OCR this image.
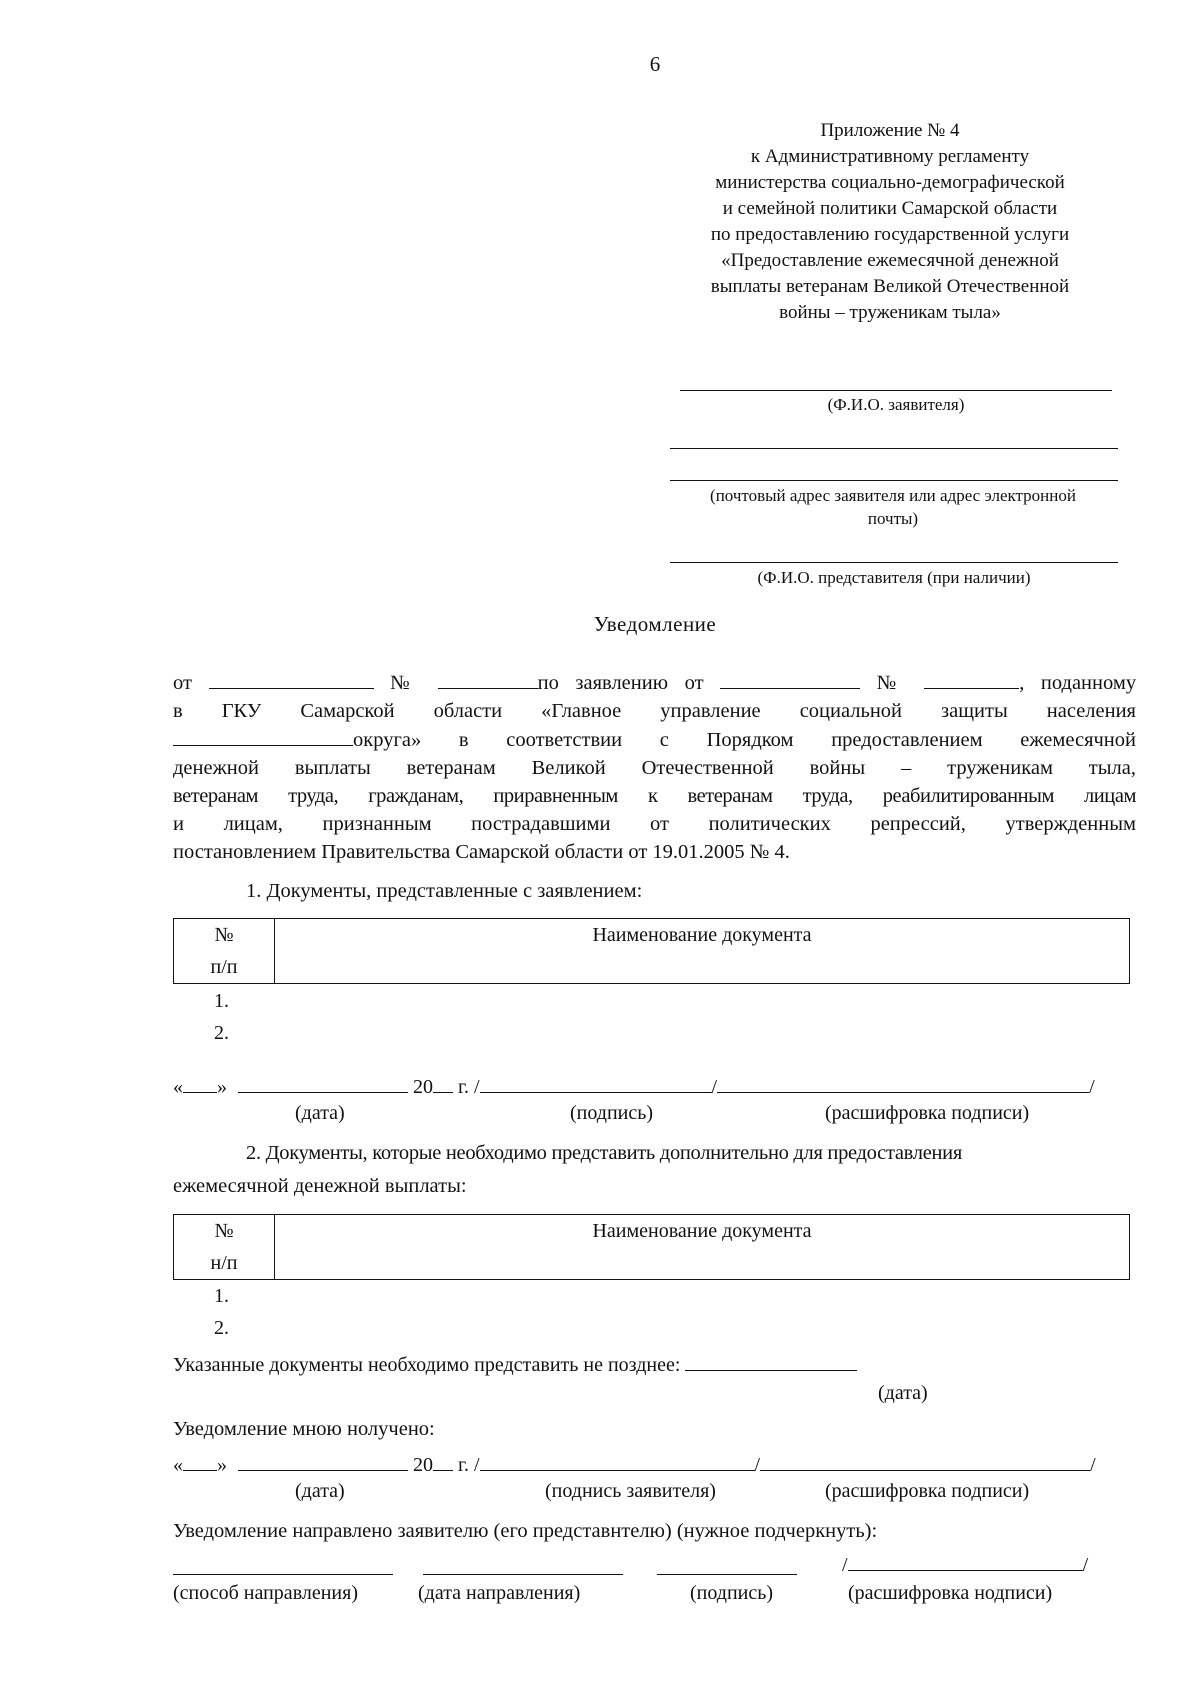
6
Приложение № 4
к Административному регламенту
министерства социально-демографической
и семейной политики Самарской области
по предоставлению государственной услуги
«Предоставление ежемесячной денежной
выплаты ветеранам Великой Отечественной
войны – труженикам тыла»
(Ф.И.О. заявителя)
(почтовый адрес заявителя или адрес электронной
почты)
(Ф.И.О. представителя (при наличии)
Уведомление
от	№	по заявлению от	№	, поданному
в ГКУ Самарской области «Главное управление социальной защиты населения
округа» в соответствии с Порядком предоставлением ежемесячной
денежной выплаты ветеранам Великой Отечественной войны – труженикам тыла,
ветеранам труда, гражданам, приравненным к ветеранам труда, реабилитированным лицам
и лицам, признанным пострадавшими от политических репрессий, утвержденным
постановлением Правительства Самарской области от 19.01.2005 № 4.
1. Документы, представленные с заявлением:
№
п/п
	Наименование документа
1.
2.
« »	20 г. /	/	/
(дата)	(подпись)	(расшифровка подписи)
2. Документы, которые необходимо представить дополнительно для предоставления
ежемесячной денежной выплаты:
№
н/п
	Наименование документа
1.
2.
Указанные документы необходимо представить не позднее:
(дата)
Уведомление мною нолучено:
« »	20 г. /	/	/
(дата)	(поднись заявителя)	(расшифровка подписи)
Уведомление направлено заявителю (его представнтелю) (нужное подчеркнуть):
/	/
(способ направления)	(дата направления)	(подпись)	(расшифровка нодписи)
